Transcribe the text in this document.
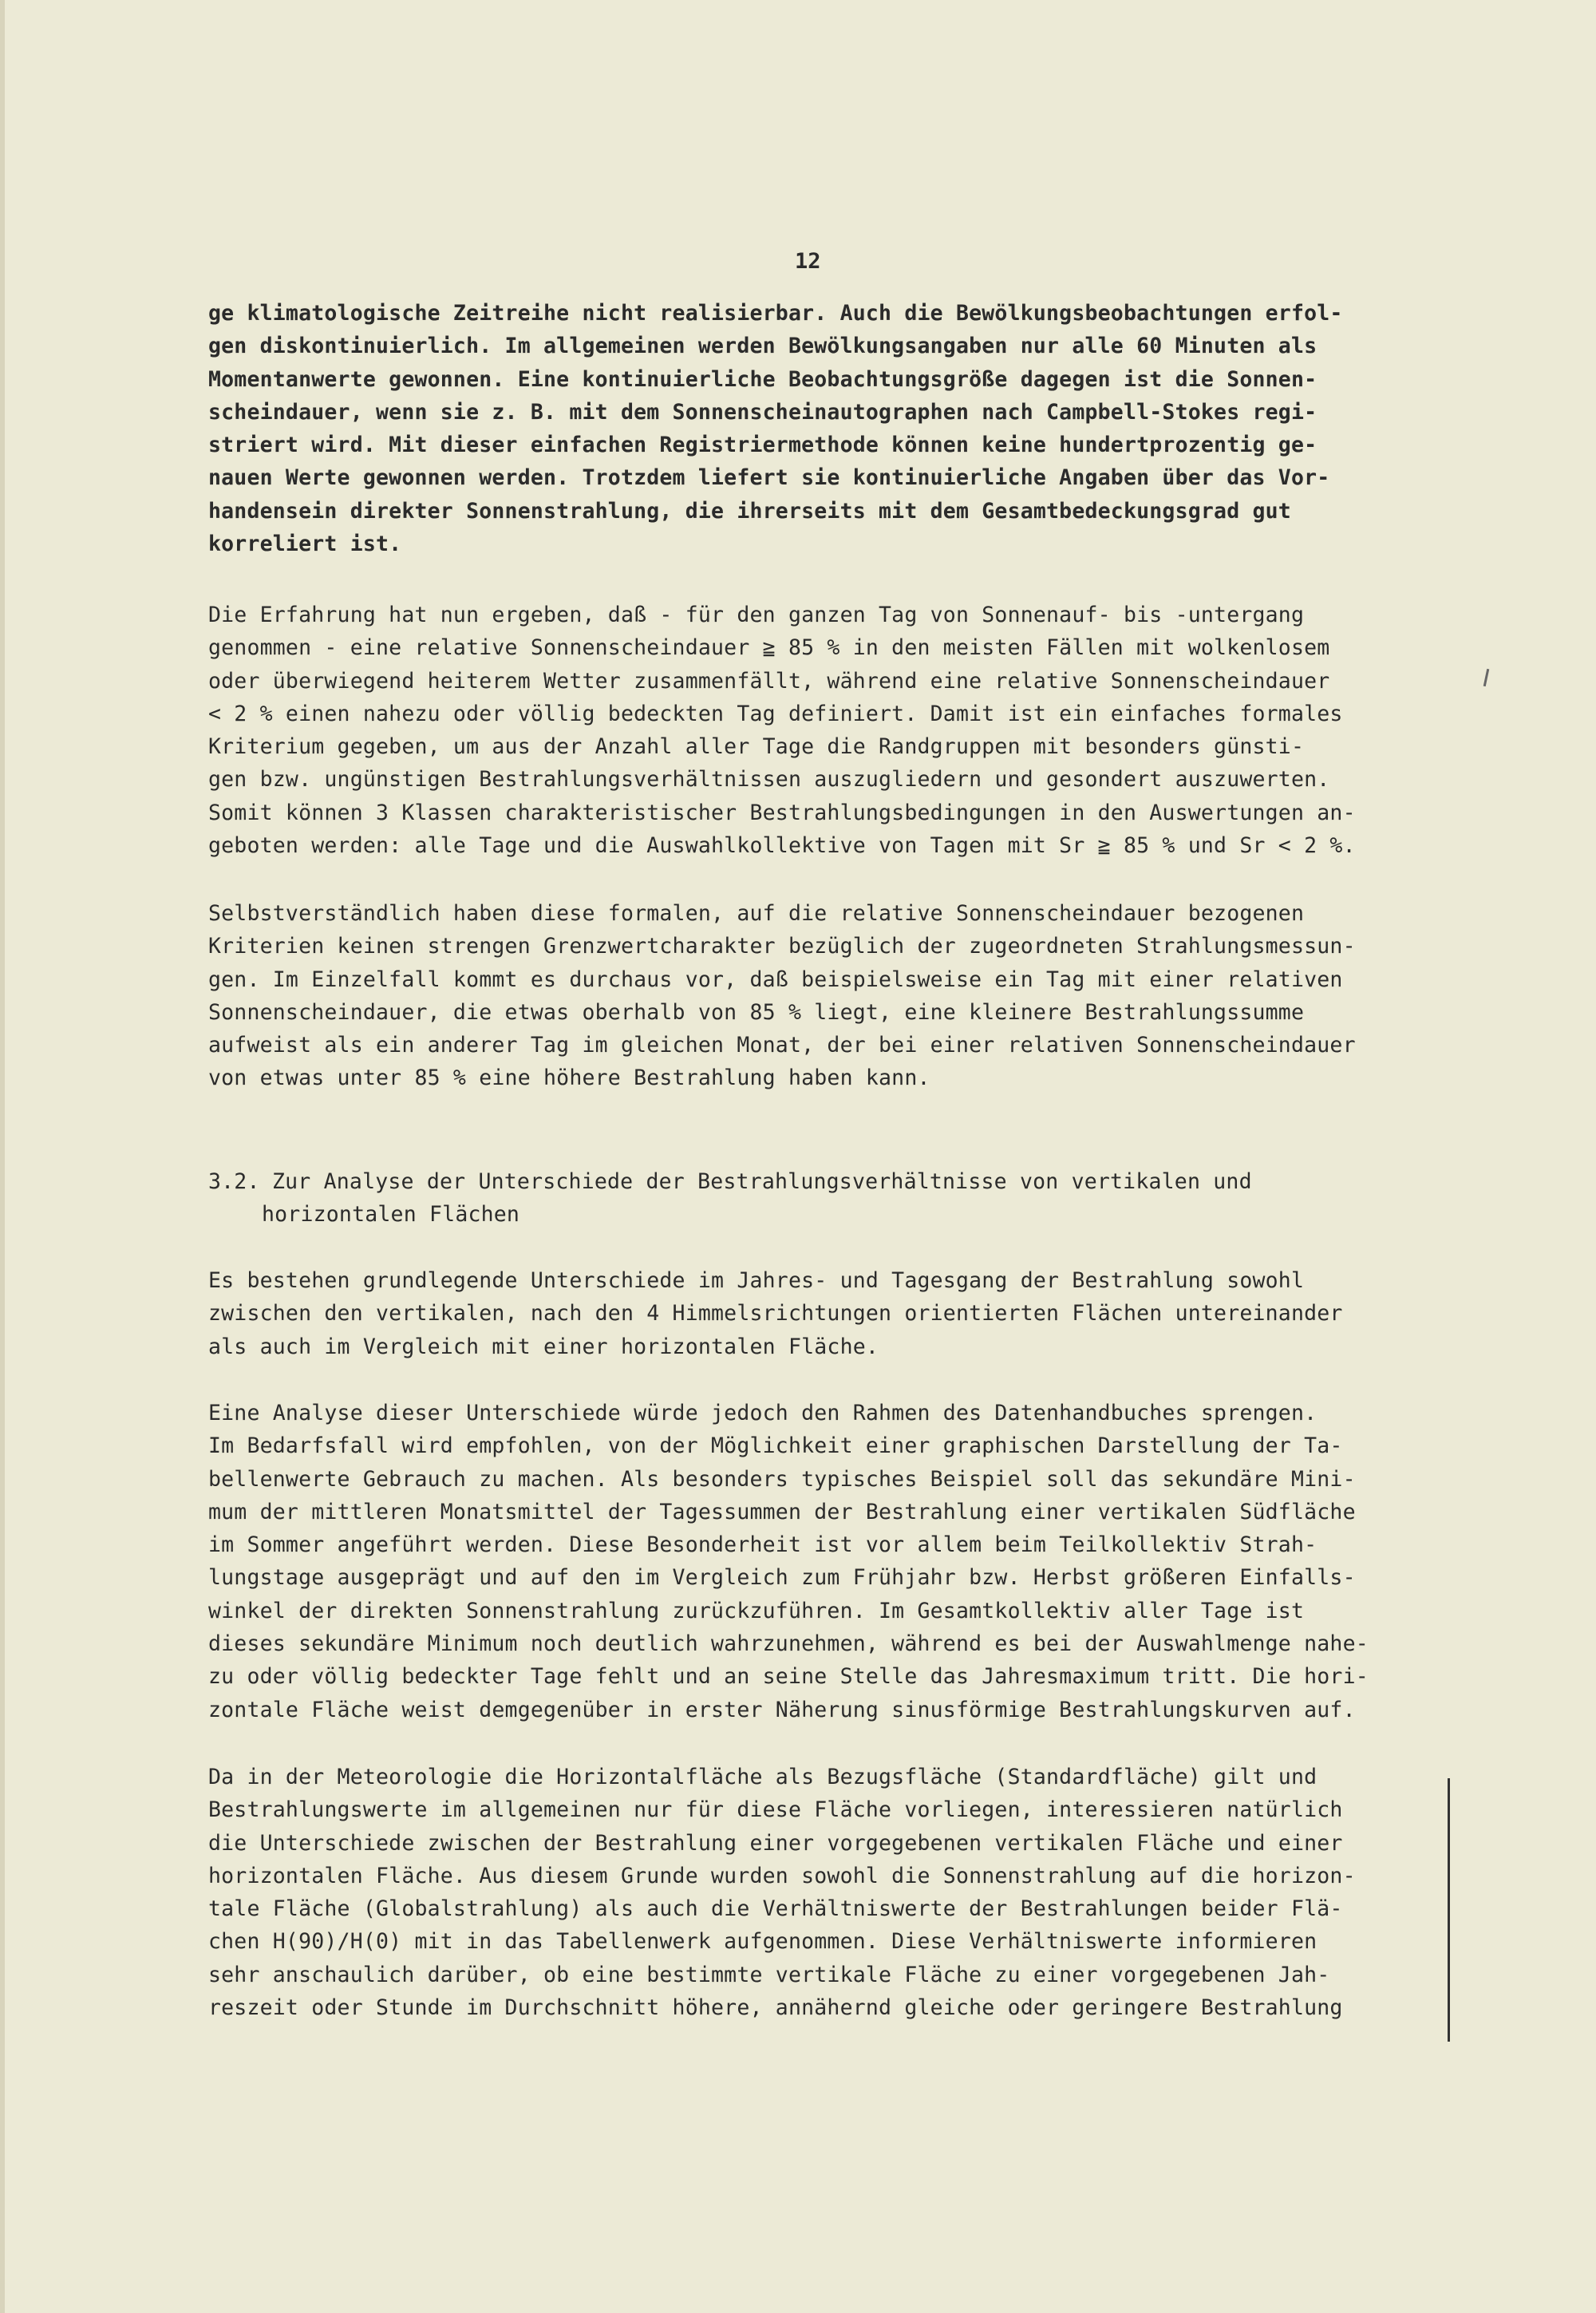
12
ge klimatologische Zeitreihe nicht realisierbar. Auch die Bewölkungsbeobachtungen erfol-
gen diskontinuierlich. Im allgemeinen werden Bewölkungsangaben nur alle 60 Minuten als
Momentanwerte gewonnen. Eine kontinuierliche Beobachtungsgröße dagegen ist die Sonnen-
scheindauer, wenn sie z. B. mit dem Sonnenscheinautographen nach Campbell-Stokes regi-
striert wird. Mit dieser einfachen Registriermethode können keine hundertprozentig ge-
nauen Werte gewonnen werden. Trotzdem liefert sie kontinuierliche Angaben über das Vor-
handensein direkter Sonnenstrahlung, die ihrerseits mit dem Gesamtbedeckungsgrad gut
korreliert ist.
Die Erfahrung hat nun ergeben, daß - für den ganzen Tag von Sonnenauf- bis -untergang
genommen - eine relative Sonnenscheindauer ≧ 85 % in den meisten Fällen mit wolkenlosem
oder überwiegend heiterem Wetter zusammenfällt, während eine relative Sonnenscheindauer
< 2 % einen nahezu oder völlig bedeckten Tag definiert. Damit ist ein einfaches formales
Kriterium gegeben, um aus der Anzahl aller Tage die Randgruppen mit besonders günsti-
gen bzw. ungünstigen Bestrahlungsverhältnissen auszugliedern und gesondert auszuwerten.
Somit können 3 Klassen charakteristischer Bestrahlungsbedingungen in den Auswertungen an-
geboten werden: alle Tage und die Auswahlkollektive von Tagen mit Sr ≧ 85 % und Sr < 2 %.
Selbstverständlich haben diese formalen, auf die relative Sonnenscheindauer bezogenen
Kriterien keinen strengen Grenzwertcharakter bezüglich der zugeordneten Strahlungsmessun-
gen. Im Einzelfall kommt es durchaus vor, daß beispielsweise ein Tag mit einer relativen
Sonnenscheindauer, die etwas oberhalb von 85 % liegt, eine kleinere Bestrahlungssumme
aufweist als ein anderer Tag im gleichen Monat, der bei einer relativen Sonnenscheindauer
von etwas unter 85 % eine höhere Bestrahlung haben kann.
3.2. Zur Analyse der Unterschiede der Bestrahlungsverhältnisse von vertikalen und
horizontalen Flächen
Es bestehen grundlegende Unterschiede im Jahres- und Tagesgang der Bestrahlung sowohl
zwischen den vertikalen, nach den 4 Himmelsrichtungen orientierten Flächen untereinander
als auch im Vergleich mit einer horizontalen Fläche.
Eine Analyse dieser Unterschiede würde jedoch den Rahmen des Datenhandbuches sprengen.
Im Bedarfsfall wird empfohlen, von der Möglichkeit einer graphischen Darstellung der Ta-
bellenwerte Gebrauch zu machen. Als besonders typisches Beispiel soll das sekundäre Mini-
mum der mittleren Monatsmittel der Tagessummen der Bestrahlung einer vertikalen Südfläche
im Sommer angeführt werden. Diese Besonderheit ist vor allem beim Teilkollektiv Strah-
lungstage ausgeprägt und auf den im Vergleich zum Frühjahr bzw. Herbst größeren Einfalls-
winkel der direkten Sonnenstrahlung zurückzuführen. Im Gesamtkollektiv aller Tage ist
dieses sekundäre Minimum noch deutlich wahrzunehmen, während es bei der Auswahlmenge nahe-
zu oder völlig bedeckter Tage fehlt und an seine Stelle das Jahresmaximum tritt. Die hori-
zontale Fläche weist demgegenüber in erster Näherung sinusförmige Bestrahlungskurven auf.
Da in der Meteorologie die Horizontalfläche als Bezugsfläche (Standardfläche) gilt und
Bestrahlungswerte im allgemeinen nur für diese Fläche vorliegen, interessieren natürlich
die Unterschiede zwischen der Bestrahlung einer vorgegebenen vertikalen Fläche und einer
horizontalen Fläche. Aus diesem Grunde wurden sowohl die Sonnenstrahlung auf die horizon-
tale Fläche (Globalstrahlung) als auch die Verhältniswerte der Bestrahlungen beider Flä-
chen H(90)/H(0) mit in das Tabellenwerk aufgenommen. Diese Verhältniswerte informieren
sehr anschaulich darüber, ob eine bestimmte vertikale Fläche zu einer vorgegebenen Jah-
reszeit oder Stunde im Durchschnitt höhere, annähernd gleiche oder geringere Bestrahlung
